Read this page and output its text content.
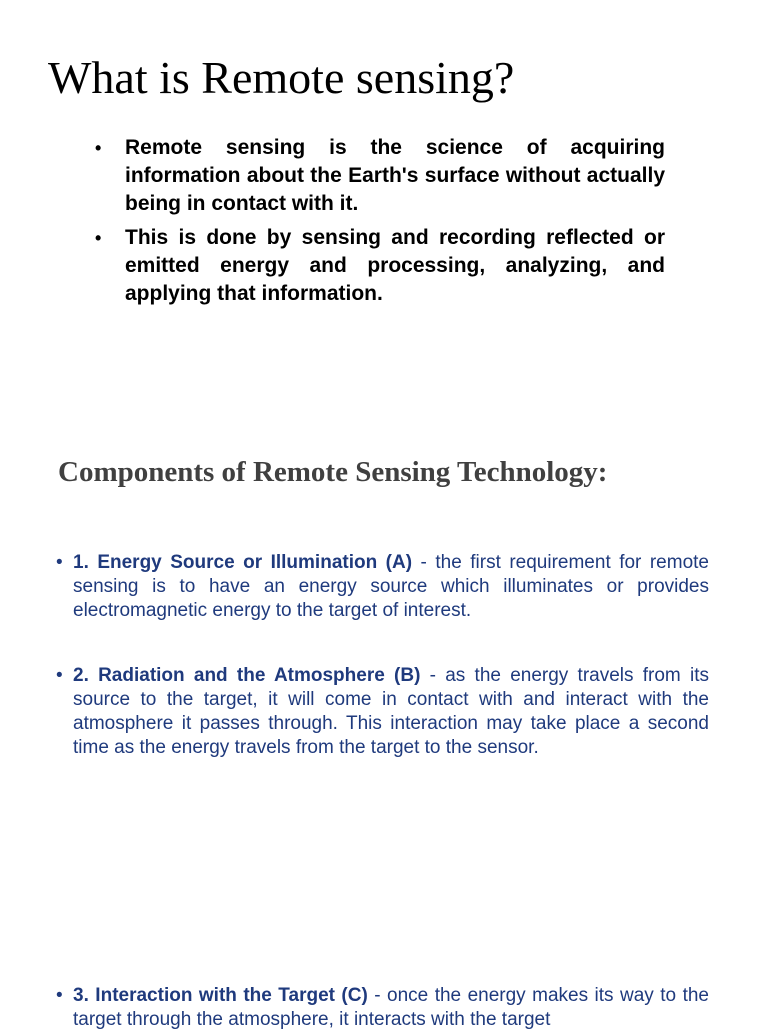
What is Remote sensing?
•	Remote sensing is the science of acquiring information about the Earth's surface without actually being in contact with it.
•	This is done by sensing and recording reflected or emitted energy and processing, analyzing, and applying that information.
Components of Remote Sensing Technology:
• 1. Energy Source or Illumination (A) - the first requirement for remote sensing is to have an energy source which illuminates or provides electromagnetic energy to the target of interest.

• 2. Radiation and the Atmosphere (B) - as the energy travels from its source to the target, it will come in contact with and interact with the atmosphere it passes through. This interaction may take place a second time as the energy travels from the target to the sensor.

• 3. Interaction with the Target (C) - once the energy makes its way to the target through the atmosphere, it interacts with the target
